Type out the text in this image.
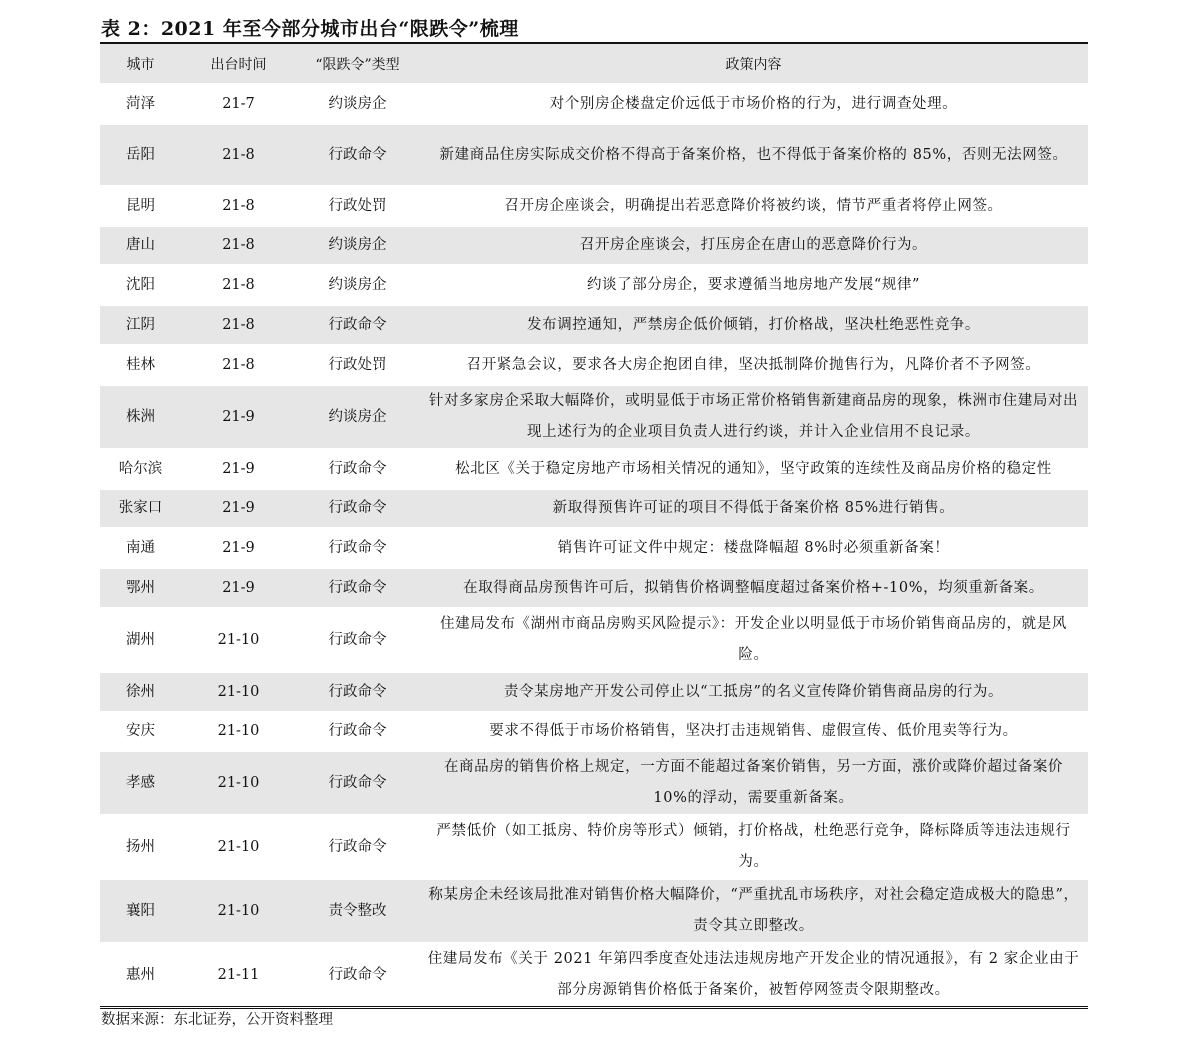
表 2：2021 年至今部分城市出台“限跌令”梳理
城市	出台时间	“限跌令”类型	政策内容
菏泽	21-7	约谈房企	对个别房企楼盘定价远低于市场价格的行为，进行调查处理。
岳阳	21-8	行政命令	新建商品住房实际成交价格不得高于备案价格，也不得低于备案价格的 85%，否则无法网签。
昆明	21-8	行政处罚	召开房企座谈会，明确提出若恶意降价将被约谈，情节严重者将停止网签。
唐山	21-8	约谈房企	召开房企座谈会，打压房企在唐山的恶意降价行为。
沈阳	21-8	约谈房企	约谈了部分房企，要求遵循当地房地产发展“规律”
江阴	21-8	行政命令	发布调控通知，严禁房企低价倾销，打价格战，坚决杜绝恶性竞争。
桂林	21-8	行政处罚	召开紧急会议，要求各大房企抱团自律，坚决抵制降价抛售行为，凡降价者不予网签。
株洲	21-9	约谈房企	针对多家房企采取大幅降价，或明显低于市场正常价格销售新建商品房的现象，株洲市住建局对出现上述行为的企业项目负责人进行约谈，并计入企业信用不良记录。
哈尔滨	21-9	行政命令	松北区《关于稳定房地产市场相关情况的通知》，坚守政策的连续性及商品房价格的稳定性
张家口	21-9	行政命令	新取得预售许可证的项目不得低于备案价格 85%进行销售。
南通	21-9	行政命令	销售许可证文件中规定：楼盘降幅超 8%时必须重新备案！
鄂州	21-9	行政命令	在取得商品房预售许可后，拟销售价格调整幅度超过备案价格+-10%，均须重新备案。
湖州	21-10	行政命令	住建局发布《湖州市商品房购买风险提示》：开发企业以明显低于市场价销售商品房的，就是风险。
徐州	21-10	行政命令	责令某房地产开发公司停止以“工抵房”的名义宣传降价销售商品房的行为。
安庆	21-10	行政命令	要求不得低于市场价格销售，坚决打击违规销售、虚假宣传、低价甩卖等行为。
孝感	21-10	行政命令	在商品房的销售价格上规定，一方面不能超过备案价销售，另一方面，涨价或降价超过备案价 10%的浮动，需要重新备案。
扬州	21-10	行政命令	严禁低价（如工抵房、特价房等形式）倾销，打价格战，杜绝恶行竞争，降标降质等违法违规行为。
襄阳	21-10	责令整改	称某房企未经该局批准对销售价格大幅降价，“严重扰乱市场秩序，对社会稳定造成极大的隐患”，责令其立即整改。
惠州	21-11	行政命令	住建局发布《关于 2021 年第四季度查处违法违规房地产开发企业的情况通报》，有 2 家企业由于部分房源销售价格低于备案价，被暂停网签责令限期整改。
数据来源：东北证券，公开资料整理
